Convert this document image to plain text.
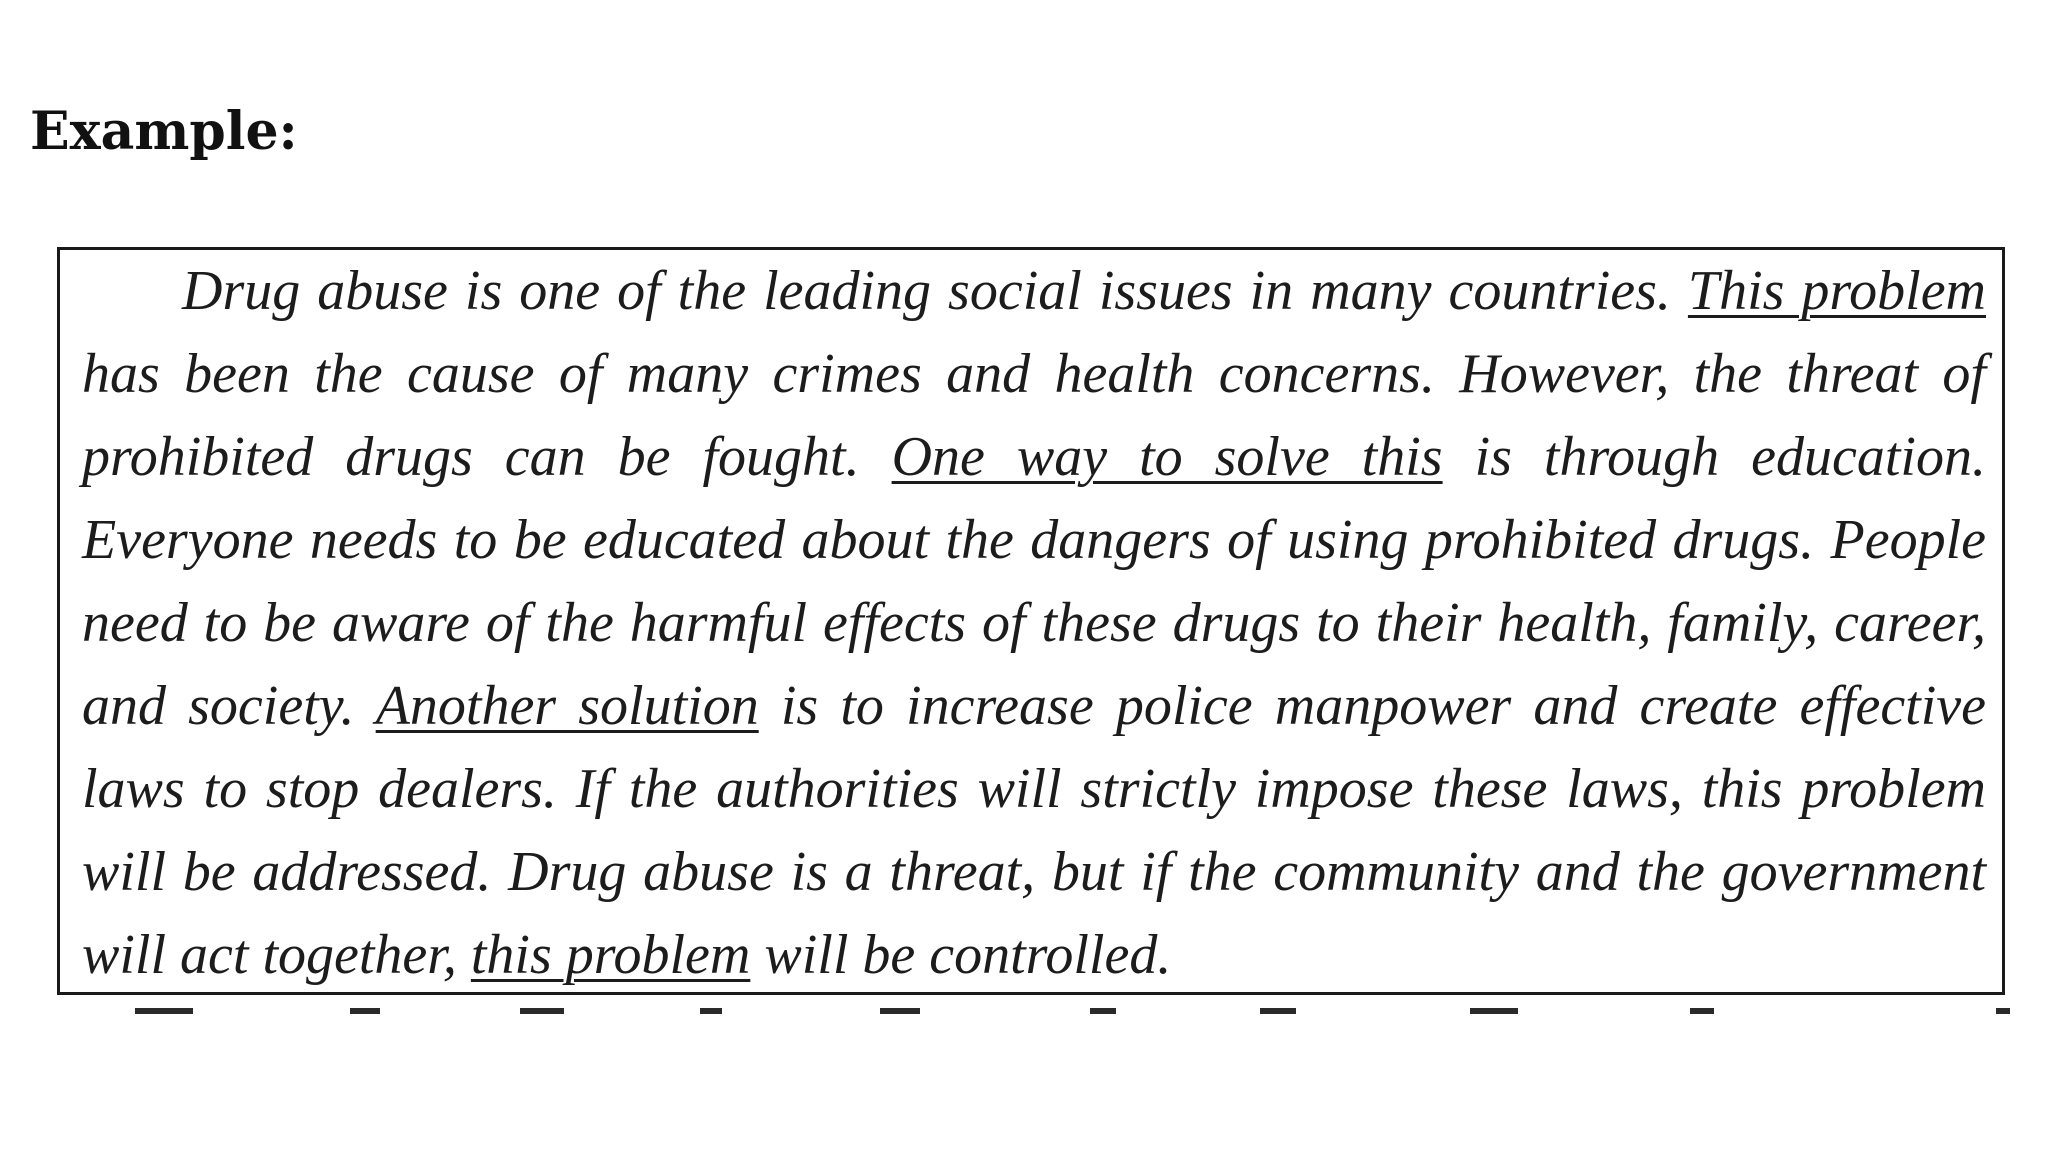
Example:

Drug abuse is one of the leading social issues in many countries. This problem has been the cause of many crimes and health concerns. However, the threat of prohibited drugs can be fought. One way to solve this is through education. Everyone needs to be educated about the dangers of using prohibited drugs. People need to be aware of the harmful effects of these drugs to their health, family, career, and society. Another solution is to increase police manpower and create effective laws to stop dealers. If the authorities will strictly impose these laws, this problem will be addressed. Drug abuse is a threat, but if the community and the government will act together, this problem will be controlled.
